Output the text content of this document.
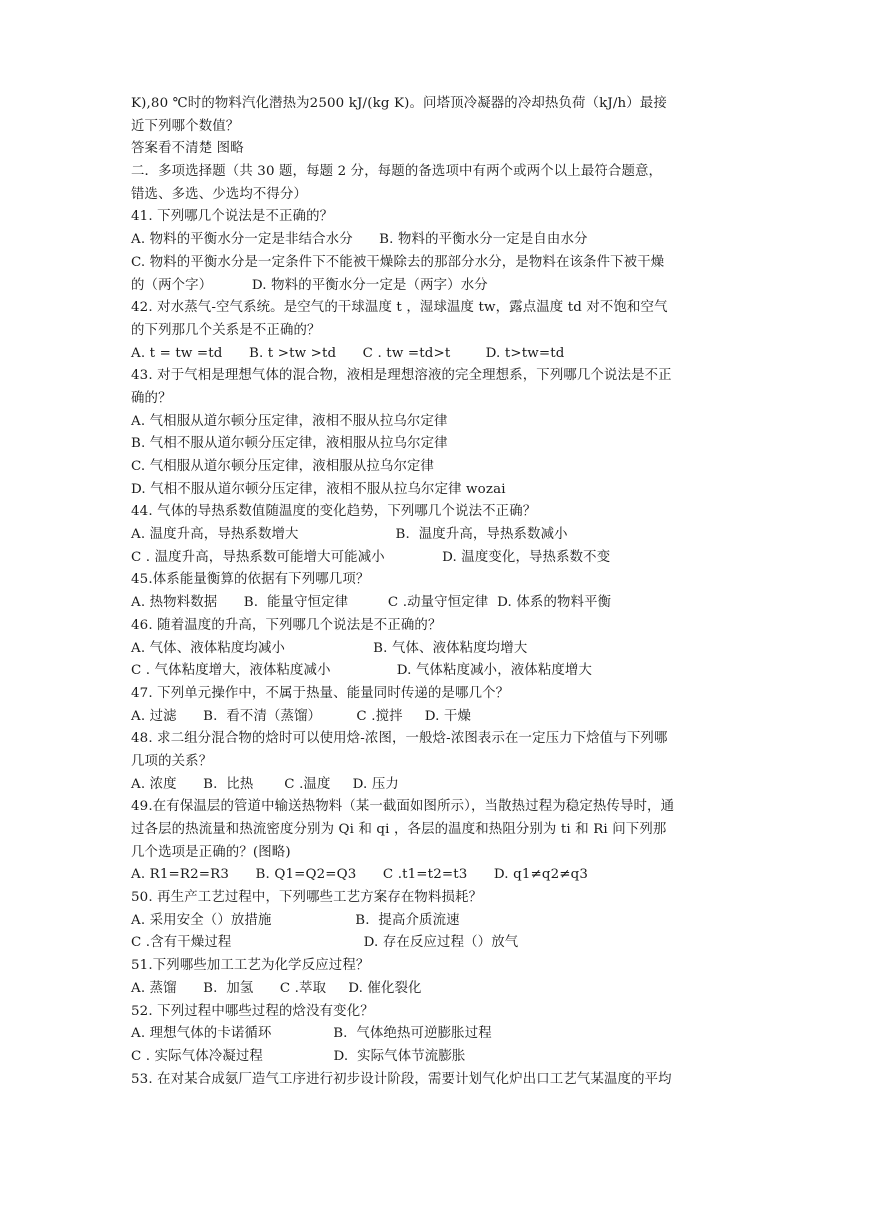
K),80 ℃时的物料汽化潜热为2500 kJ/(kg K)。问塔顶冷凝器的冷却热负荷（kJ/h）最接
近下列哪个数值？
答案看不清楚 图略
二．多项选择题（共 30 题，每题 2 分，每题的备选项中有两个或两个以上最符合题意，
错选、多选、少选均不得分）
41. 下列哪几个说法是不正确的？
A. 物料的平衡水分一定是非结合水分      B. 物料的平衡水分一定是自由水分
C. 物料的平衡水分是一定条件下不能被干燥除去的那部分水分，是物料在该条件下被干燥
的（两个字）         D. 物料的平衡水分一定是（两字）水分
42. 对水蒸气-空气系统。是空气的干球温度 t ，湿球温度 tw，露点温度 td 对不饱和空气
的下列那几个关系是不正确的？
A. t = tw =td      B. t >tw >td      C . tw =td>t        D. t>tw=td
43. 对于气相是理想气体的混合物，液相是理想溶液的完全理想系，下列哪几个说法是不正
确的？
A. 气相服从道尔顿分压定律，液相不服从拉乌尔定律
B. 气相不服从道尔顿分压定律，液相服从拉乌尔定律
C. 气相服从道尔顿分压定律，液相服从拉乌尔定律
D. 气相不服从道尔顿分压定律，液相不服从拉乌尔定律 wozai
44. 气体的导热系数值随温度的变化趋势，下列哪几个说法不正确？
A. 温度升高，导热系数增大                      B.  温度升高，导热系数减小
C . 温度升高，导热系数可能增大可能减小             D. 温度变化，导热系数不变
45.体系能量衡算的依据有下列哪几项？
A. 热物料数据      B.  能量守恒定律         C .动量守恒定律  D. 体系的物料平衡
46. 随着温度的升高，下列哪几个说法是不正确的？
A. 气体、液体粘度均减小                    B. 气体、液体粘度均增大
C . 气体粘度增大，液体粘度减小               D. 气体粘度减小，液体粘度增大
47. 下列单元操作中，不属于热量、能量同时传递的是哪几个？
A. 过滤      B.  看不清（蒸馏）        C .搅拌     D. 干燥
48. 求二组分混合物的焓时可以使用焓-浓图，一般焓-浓图表示在一定压力下焓值与下列哪
几项的关系？
A. 浓度      B.  比热       C .温度     D. 压力
49.在有保温层的管道中输送热物料（某一截面如图所示），当散热过程为稳定热传导时，通
过各层的热流量和热流密度分别为 Qi 和 qi ，各层的温度和热阻分别为 ti 和 Ri 问下列那
几个选项是正确的？(图略)
A. R1=R2=R3      B. Q1=Q2=Q3      C .t1=t2=t3      D. q1≠q2≠q3
50. 再生产工艺过程中，下列哪些工艺方案存在物料损耗？
A. 采用安全（）放措施                   B.  提高介质流速
C .含有干燥过程                              D. 存在反应过程（）放气
51.下列哪些加工工艺为化学反应过程？
A. 蒸馏      B.  加氢      C .萃取     D. 催化裂化
52. 下列过程中哪些过程的焓没有变化？
A. 理想气体的卡诺循环              B.  气体绝热可逆膨胀过程
C . 实际气体冷凝过程                D.  实际气体节流膨胀
53. 在对某合成氨厂造气工序进行初步设计阶段，需要计划气化炉出口工艺气某温度的平均
